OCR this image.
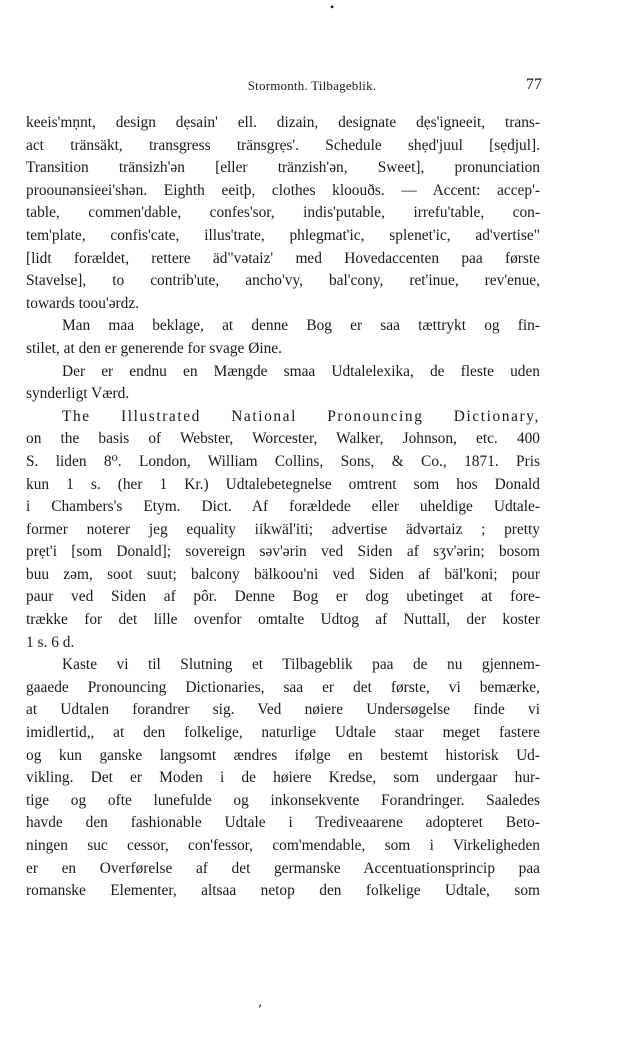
•
Stormonth. Tilbageblik.	77
keeis'mṇnt, design dẹsain' ell. dizain, designate dẹs'igneeit, trans-
act tränsäkt, transgress tränsgrẹs'. Schedule shẹd'juul [sẹdjul].
Transition tränsizh'ən [eller tränzish'ən, Sweet], pronunciation
proounənsieei'shən. Eighth eeitþ, clothes kloouðs. — Accent: accep'-
table, commen'dable, confes'sor, indis'putable, irrefu'table, con-
tem'plate, confis'cate, illus'trate, phlegmat'ic, splenet'ic, ad'vertise"
[lidt forældet, rettere äd"vətaiz' med Hovedaccenten paa første
Stavelse], to contrib'ute, ancho'vy, bal'cony, ret'inue, rev'enue,
towards toou'ərdz.
Man maa beklage, at denne Bog er saa tættrykt og fin-
stilet, at den er generende for svage Øine.
Der er endnu en Mængde smaa Udtalelexika, de fleste uden
synderligt Værd.
The Illustrated National Pronouncing Dictionary,
on the basis of Webster, Worcester, Walker, Johnson, etc. 400
S. liden 8⁰. London, William Collins, Sons, & Co., 1871. Pris
kun 1 s. (her 1 Kr.) Udtalebetegnelse omtrent som hos Donald
i Chambers's Etym. Dict. Af forældede eller uheldige Udtale-
former noterer jeg equality iikwäl'iti; advertise ädvərtaiz ; pretty
prẹt'i [som Donald]; sovereign səv'ərin ved Siden af sʒv'ərin; bosom
buu zəm, soot suut; balcony bälkoou'ni ved Siden af bäl'koni; pour
paur ved Siden af pôr. Denne Bog er dog ubetinget at fore-
trække for det lille ovenfor omtalte Udtog af Nuttall, der koster
1 s. 6 d.
Kaste vi til Slutning et Tilbageblik paa de nu gjennem-
gaaede Pronouncing Dictionaries, saa er det første, vi bemærke,
at Udtalen forandrer sig. Ved nøiere Undersøgelse finde vi
imidlertid,, at den folkelige, naturlige Udtale staar meget fastere
og kun ganske langsomt ændres ifølge en bestemt historisk Ud-
vikling. Det er Moden i de høiere Kredse, som undergaar hur-
tige og ofte lunefulde og inkonsekvente Forandringer. Saaledes
havde den fashionable Udtale i Trediveaarene adopteret Beto-
ningen suc cessor, con'fessor, com'mendable, som i Virkeligheden
er en Overførelse af det germanske Accentuationsprincip paa
romanske Elementer, altsaa netop den folkelige Udtale, som
٬
